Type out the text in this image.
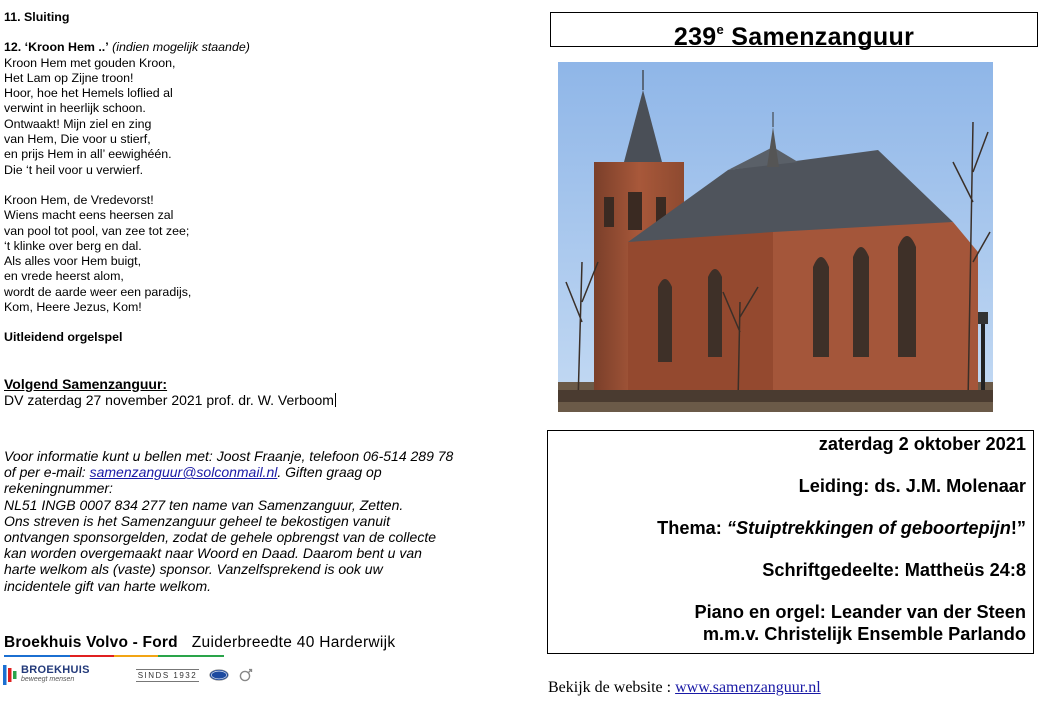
11. Sluiting

12. ‘Kroon Hem ..’ (indien mogelijk staande)

Kroon Hem met gouden Kroon,

Het Lam op Zijne troon!

Hoor, hoe het Hemels loflied al

verwint in heerlijk schoon.

Ontwaakt! Mijn ziel en zing

van Hem, Die voor u stierf,

en prijs Hem in all’ eewighéén.

Die ‘t heil voor u verwierf.

Kroon Hem, de Vredevorst!

Wiens macht eens heersen zal

van pool tot pool, van zee tot zee;

‘t klinke over berg en dal.

Als alles voor Hem buigt,

en vrede heerst alom,

wordt de aarde weer een paradijs,

Kom, Heere Jezus, Kom!

Uitleidend orgelspel

Volgend Samenzanguur:

DV zaterdag 27 november 2021 prof. dr. W. Verboom

Voor informatie kunt u bellen met: Joost Fraanje, telefoon 06-514 289 78
of per e-mail: samenzanguur@solconmail.nl. Giften graag op
rekeningnummer:
NL51 INGB 0007 834 277 ten name van Samenzanguur, Zetten.
Ons streven is het Samenzanguur geheel te bekostigen vanuit
ontvangen sponsorgelden, zodat de gehele opbrengst van de collecte
kan worden overgemaakt naar Woord en Daad. Daarom bent u van
harte welkom als (vaste) sponsor. Vanzelfsprekend is ook uw
incidentele gift van harte welkom.
Broekhuis Volvo - Ford Zuiderbreedte 40 Harderwijk
BROEKHUIS
beweegt mensen	SINDS 1932
239e Samenzanguur

zaterdag 2 oktober 2021

Leiding: ds. J.M. Molenaar

Thema: “Stuiptrekkingen of geboortepijn!”

Schriftgedeelte: Mattheüs 24:8

Piano en orgel: Leander van der Steen

m.m.v. Christelijk Ensemble Parlando

Bekijk de website : www.samenzanguur.nl
